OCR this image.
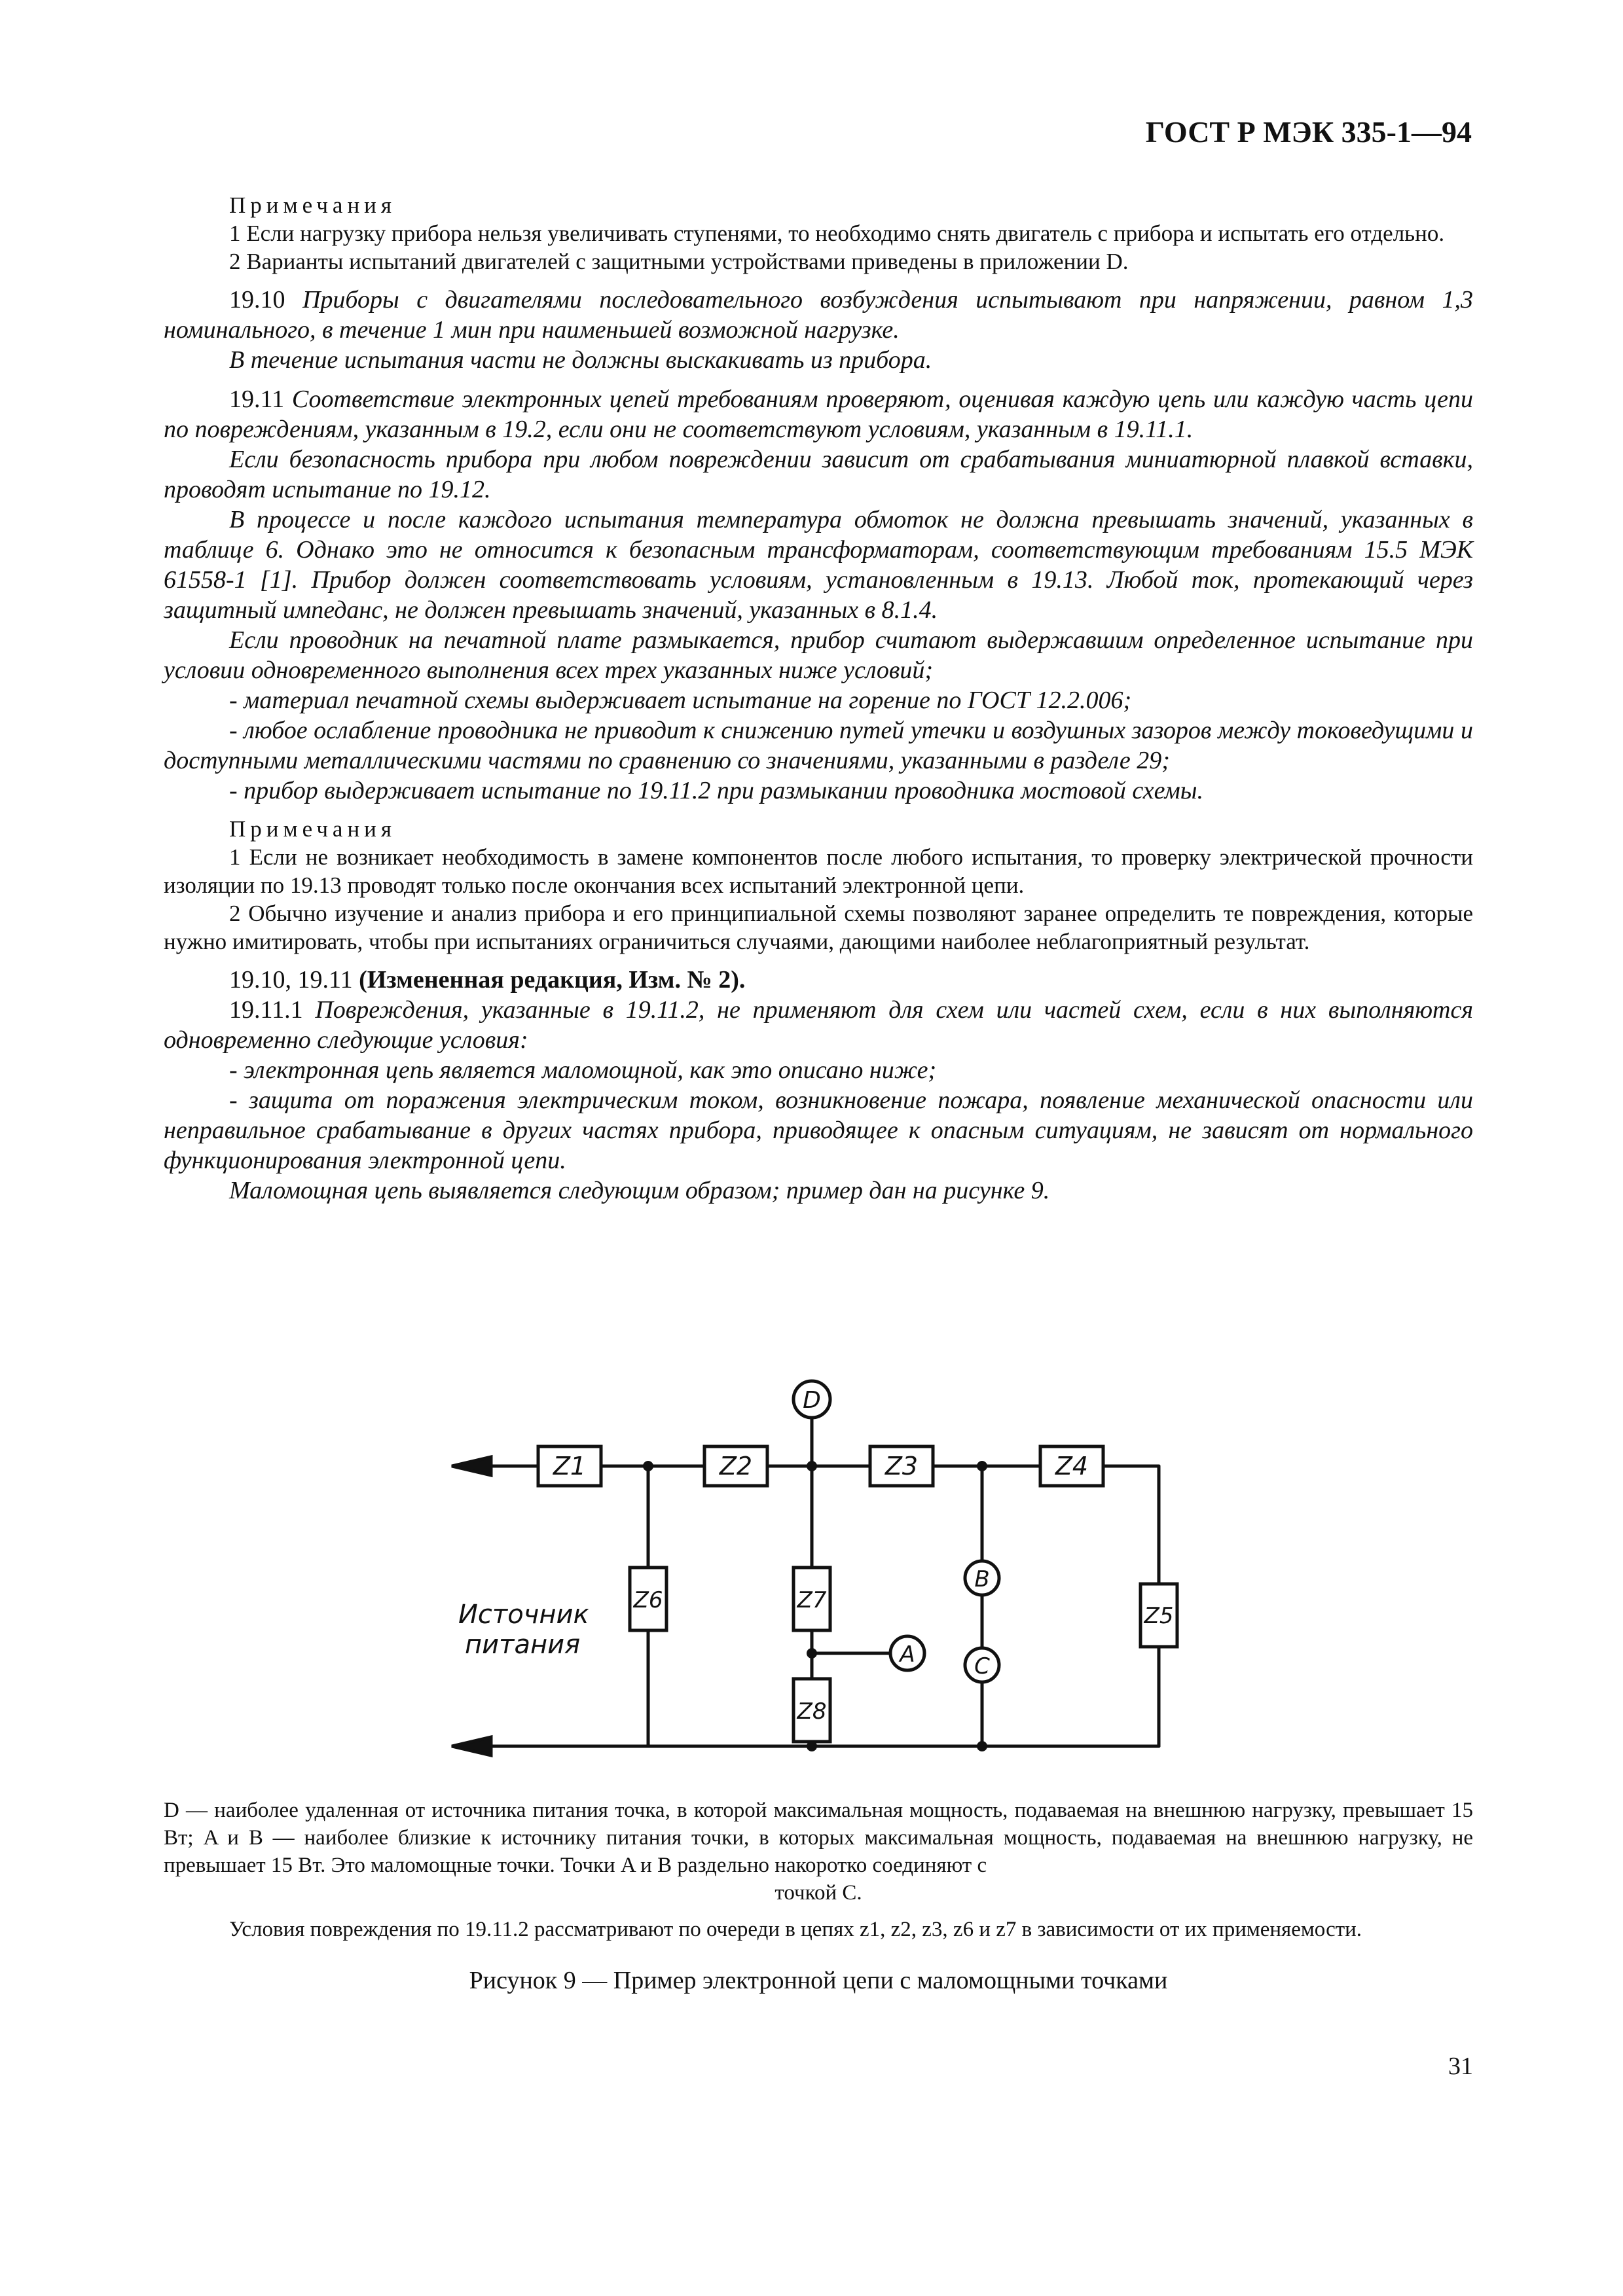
ГОСТ Р МЭК 335-1—94

Примечания

1 Если нагрузку прибора нельзя увеличивать ступенями, то необходимо снять двигатель с прибора и испытать его отдельно.

2 Варианты испытаний двигателей с защитными устройствами приведены в приложении D.

19.10 Приборы с двигателями последовательного возбуждения испытывают при напряжении, равном 1,3 номинального, в течение 1 мин при наименьшей возможной нагрузке.

В течение испытания части не должны выскакивать из прибора.

19.11 Соответствие электронных цепей требованиям проверяют, оценивая каждую цепь или каждую часть цепи по повреждениям, указанным в 19.2, если они не соответствуют условиям, указанным в 19.11.1.

Если безопасность прибора при любом повреждении зависит от срабатывания миниатюрной плавкой вставки, проводят испытание по 19.12.

В процессе и после каждого испытания температура обмоток не должна превышать значений, указанных в таблице 6. Однако это не относится к безопасным трансформаторам, соответствующим требованиям 15.5 МЭК 61558-1 [1]. Прибор должен соответствовать условиям, установленным в 19.13. Любой ток, протекающий через защитный импеданс, не должен превышать значений, указанных в 8.1.4.

Если проводник на печатной плате размыкается, прибор считают выдержавшим определенное испытание при условии одновременного выполнения всех трех указанных ниже условий;

- материал печатной схемы выдерживает испытание на горение по ГОСТ 12.2.006;

- любое ослабление проводника не приводит к снижению путей утечки и воздушных зазоров между токоведущими и доступными металлическими частями по сравнению со значениями, указанными в разделе 29;

- прибор выдерживает испытание по 19.11.2 при размыкании проводника мостовой схемы.

Примечания

1 Если не возникает необходимость в замене компонентов после любого испытания, то проверку электрической прочности изоляции по 19.13 проводят только после окончания всех испытаний электронной цепи.

2 Обычно изучение и анализ прибора и его принципиальной схемы позволяют заранее определить те повреждения, которые нужно имитировать, чтобы при испытаниях ограничиться случаями, дающими наиболее неблагоприятный результат.

19.10, 19.11 (Измененная редакция, Изм. № 2).

19.11.1 Повреждения, указанные в 19.11.2, не применяют для схем или частей схем, если в них выполняются одновременно следующие условия:

- электронная цепь является маломощной, как это описано ниже;

- защита от поражения электрическим током, возникновение пожара, появление механической опасности или неправильное срабатывание в других частях прибора, приводящее к опасным ситуациям, не зависят от нормального функционирования электронной цепи.

Маломощная цепь выявляется следующим образом; пример дан на рисунке 9.

Z1	Z2	Z3	Z4
Z5
Z6	Z7
Z8
D
B
A	C
Источник
питания

D — наиболее удаленная от источника питания точка, в которой максимальная мощность, подаваемая на внешнюю нагрузку, превышает 15 Вт; A и B — наиболее близкие к источнику питания точки, в которых максимальная мощность, подаваемая на внешнюю нагрузку, не превышает 15 Вт. Это маломощные точки. Точки A и B раздельно накоротко соединяют с

точкой C.

Условия повреждения по 19.11.2 рассматривают по очереди в цепях z1, z2, z3, z6 и z7 в зависимости от их применяемости.

Рисунок 9 — Пример электронной цепи с маломощными точками

31
